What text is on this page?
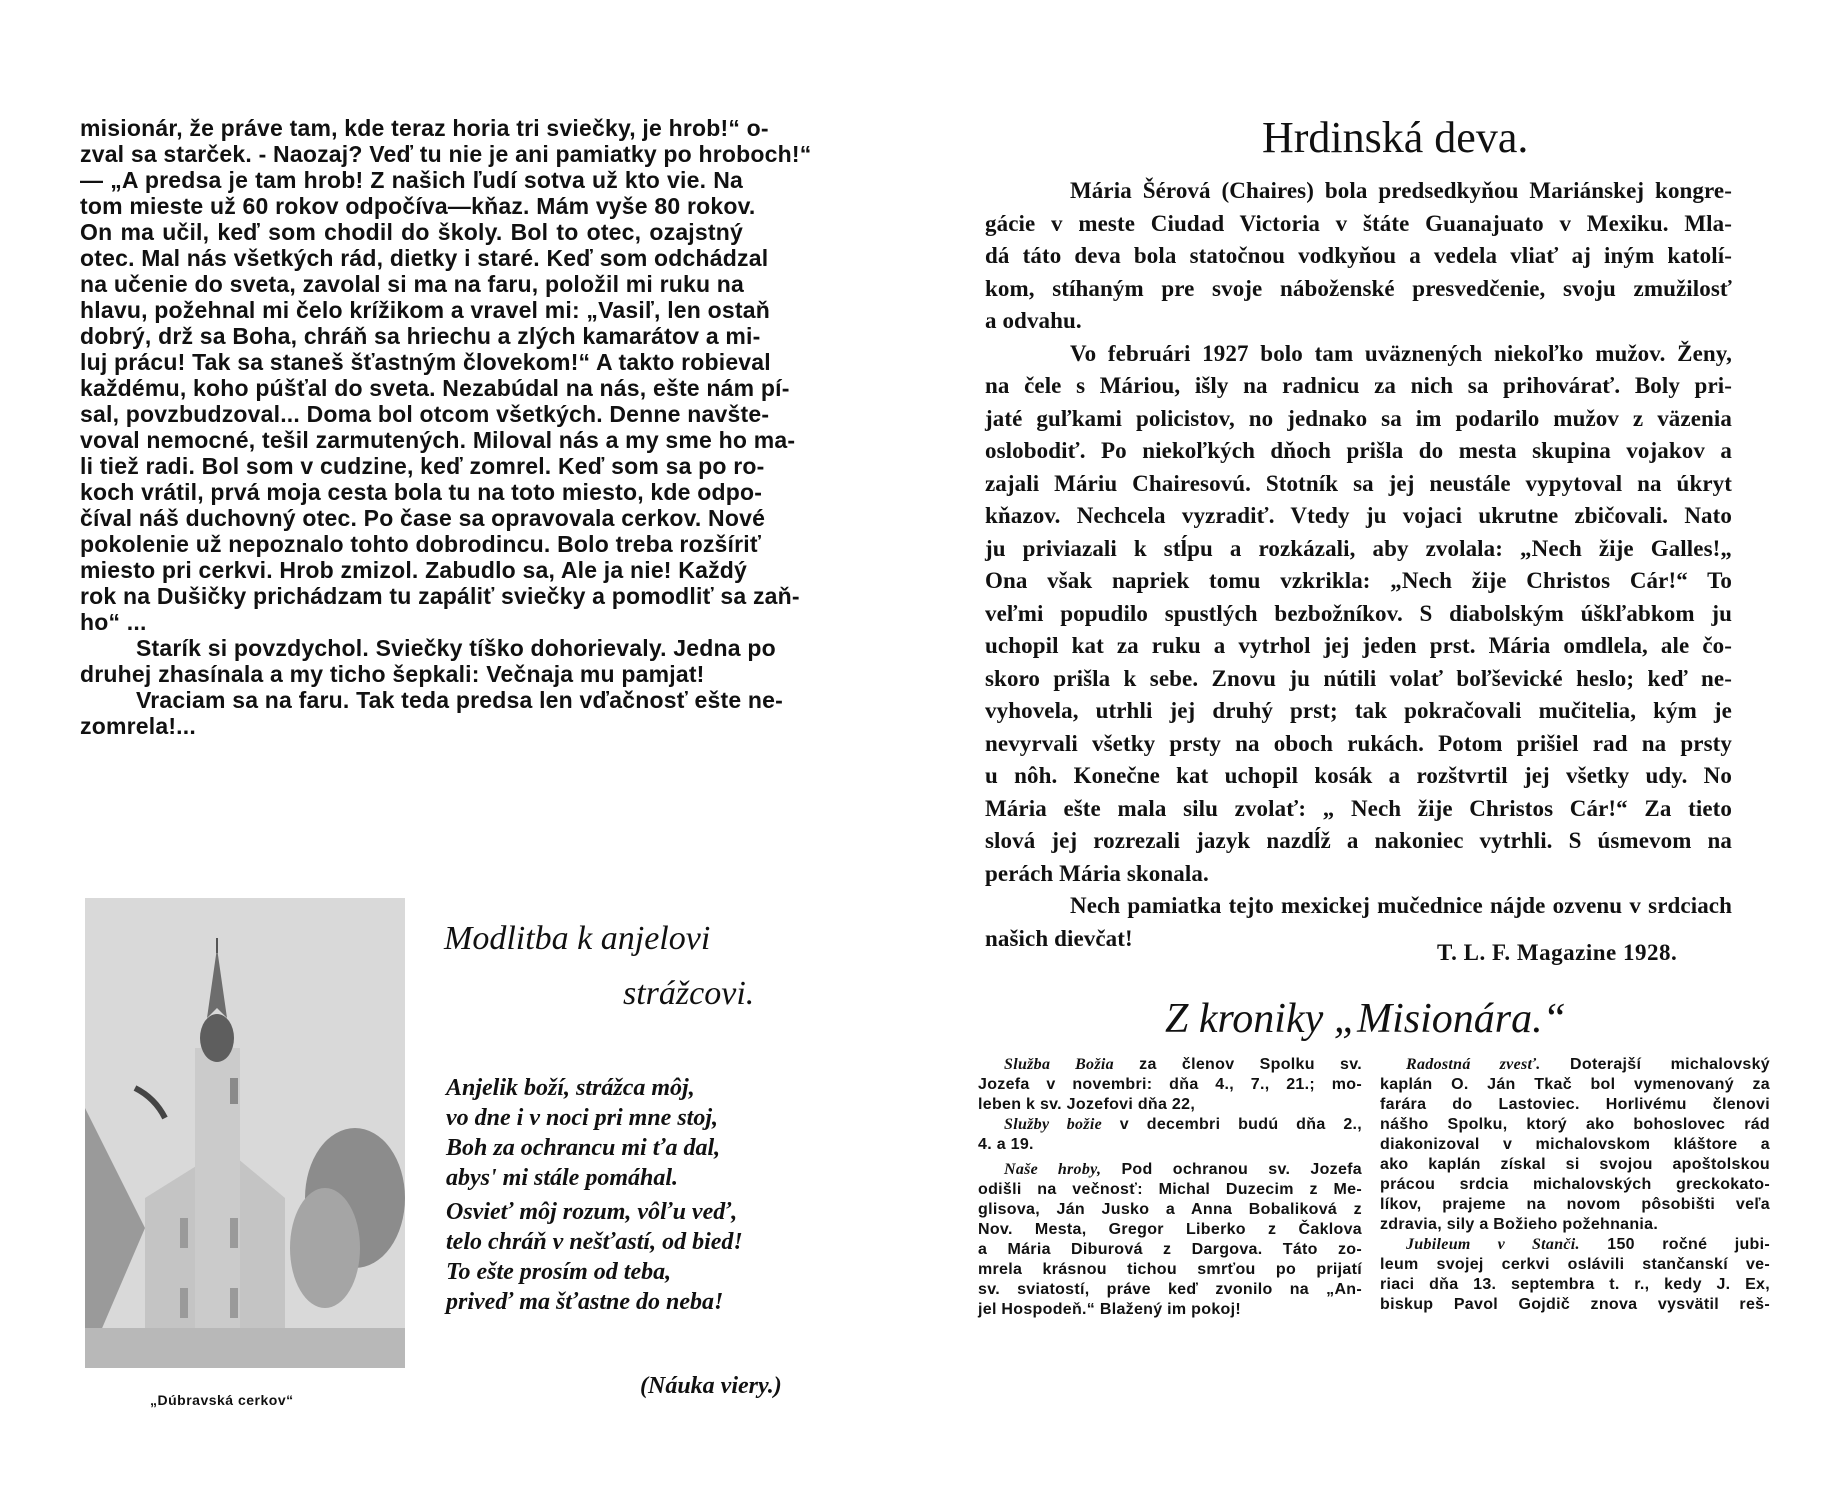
misionár, že práve tam, kde teraz horia tri sviečky, je hrob!“ o-
zval sa starček. - Naozaj? Veď tu nie je ani pamiatky po hroboch!“
— „A predsa je tam hrob! Z našich ľudí sotva už kto vie. Na
tom mieste už 60 rokov odpočíva—kňaz. Mám vyše 80 rokov.
On ma učil, keď som chodil do školy. Bol to otec, ozajstný
otec. Mal nás všetkých rád, dietky i staré. Keď som odchádzal
na učenie do sveta, zavolal si ma na faru, položil mi ruku na
hlavu, požehnal mi čelo krížikom a vravel mi: „Vasiľ, len ostaň
dobrý, drž sa Boha, chráň sa hriechu a zlých kamarátov a mi-
luj prácu! Tak sa staneš šťastným človekom!“ A takto robieval
každému, koho púšťal do sveta. Nezabúdal na nás, ešte nám pí-
sal, povzbudzoval... Doma bol otcom všetkých. Denne navšte-
voval nemocné, tešil zarmutených. Miloval nás a my sme ho ma-
li tiež radi. Bol som v cudzine, keď zomrel. Keď som sa po ro-
koch vrátil, prvá moja cesta bola tu na toto miesto, kde odpo-
číval náš duchovný otec. Po čase sa opravovala cerkov. Nové
pokolenie už nepoznalo tohto dobrodincu. Bolo treba rozšíriť
miesto pri cerkvi. Hrob zmizol. Zabudlo sa, Ale ja nie! Každý
rok na Dušičky prichádzam tu zapáliť sviečky a pomodliť sa zaň-
ho“ ...
Starík si povzdychol. Sviečky tíško dohorievaly. Jedna po
druhej zhasínala a my ticho šepkali: Večnaja mu pamjat!
Vraciam sa na faru. Tak teda predsa len vďačnosť ešte ne-
zomrela!...
„Dúbravská cerkov“
Modlitba k anjelovi
strážcovi.
Anjelik boží, strážca môj,
vo dne i v noci pri mne stoj,
Boh za ochrancu mi ťa dal,
abys' mi stále pomáhal.
Osvieť môj rozum, vôľu veď,
telo chráň v nešťastí, od bied!
To ešte prosím od teba,
priveď ma šťastne do neba!
(Náuka viery.)
Hrdinská deva.
Mária Šérová (Chaires) bola predsedkyňou Mariánskej kongre-
gácie v meste Ciudad Victoria v štáte Guanajuato v Mexiku. Mla-
dá táto deva bola statočnou vodkyňou a vedela vliať aj iným katolí-
kom, stíhaným pre svoje náboženské presvedčenie, svoju zmužilosť
a odvahu.
Vo februári 1927 bolo tam uväznených niekoľko mužov. Ženy,
na čele s Máriou, išly na radnicu za nich sa prihovárať. Boly pri-
jaté guľkami policistov, no jednako sa im podarilo mužov z väzenia
oslobodiť. Po niekoľkých dňoch prišla do mesta skupina vojakov a
zajali Máriu Chairesovú. Stotník sa jej neustále vypytoval na úkryt
kňazov. Nechcela vyzradiť. Vtedy ju vojaci ukrutne zbičovali. Nato
ju priviazali k stĺpu a rozkázali, aby zvolala: „Nech žije Galles!„
Ona však napriek tomu vzkrikla: „Nech žije Christos Cár!“ To
veľmi popudilo spustlých bezbožníkov. S diabolským úškľabkom ju
uchopil kat za ruku a vytrhol jej jeden prst. Mária omdlela, ale čo-
skoro prišla k sebe. Znovu ju nútili volať boľševické heslo; keď ne-
vyhovela, utrhli jej druhý prst; tak pokračovali mučitelia, kým je
nevyrvali všetky prsty na oboch rukách. Potom prišiel rad na prsty
u nôh. Konečne kat uchopil kosák a rozštvrtil jej všetky udy. No
Mária ešte mala silu zvolať: „ Nech žije Christos Cár!“ Za tieto
slová jej rozrezali jazyk nazdĺž a nakoniec vytrhli. S úsmevom na
perách Mária skonala.
Nech pamiatka tejto mexickej mučednice nájde ozvenu v srdciach
našich dievčat!
T. L. F. Magazine 1928.
Z kroniky „Misionára.“
Služba Božia za členov Spolku sv.
Jozefa v novembri: dňa 4., 7., 21.; mo-
leben k sv. Jozefovi dňa 22,
Služby božie v decembri budú dňa 2.,
4. a 19.
Naše hroby, Pod ochranou sv. Jozefa
odišli na večnosť: Michal Duzecim z Me-
glisova, Ján Jusko a Anna Bobaliková z
Nov. Mesta, Gregor Liberko z Čaklova
a Mária Diburová z Dargova. Táto zo-
mrela krásnou tichou smrťou po prijatí
sv. sviatostí, práve keď zvonilo na „An-
jel Hospodeň.“ Blažený im pokoj!
Radostná zvesť. Doterajší michalovský
kaplán O. Ján Tkač bol vymenovaný za
farára do Lastoviec. Horlivému členovi
nášho Spolku, ktorý ako bohoslovec rád
diakonizoval v michalovskom kláštore a
ako kaplán získal si svojou apoštolskou
prácou srdcia michalovských greckokato-
líkov, prajeme na novom pôsobišti veľa
zdravia, sily a Božieho požehnania.
Jubileum v Stanči. 150 ročné jubi-
leum svojej cerkvi oslávili stančanskí ve-
riaci dňa 13. septembra t. r., kedy J. Ex,
biskup Pavol Gojdič znova vysvätil reš-
